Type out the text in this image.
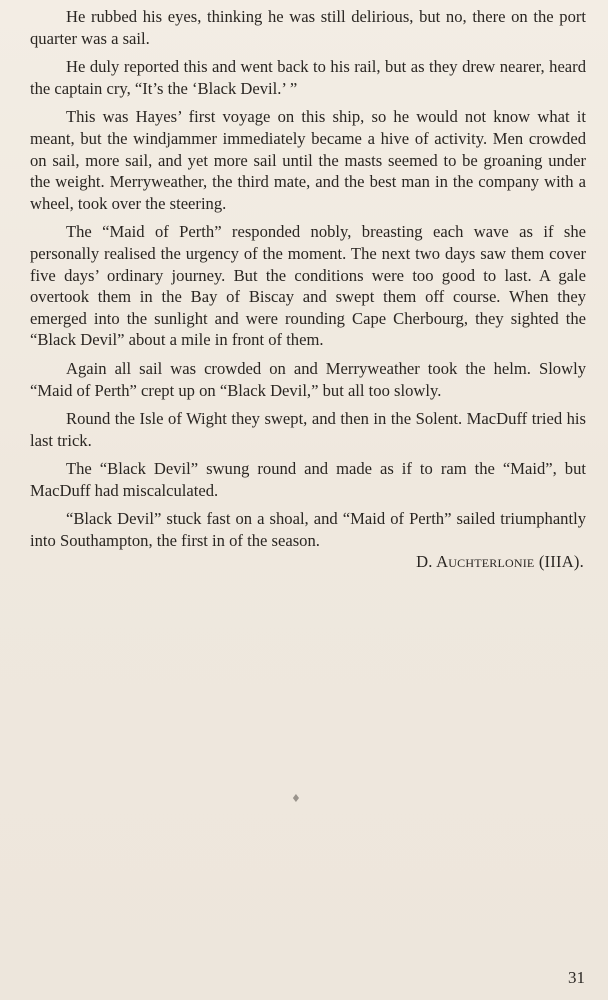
He rubbed his eyes, thinking he was still delirious, but no, there on the port quarter was a sail.

He duly reported this and went back to his rail, but as they drew nearer, heard the captain cry, “It’s the ‘Black Devil.’ ”

This was Hayes’ first voyage on this ship, so he would not know what it meant, but the windjammer immediately became a hive of activity. Men crowded on sail, more sail, and yet more sail until the masts seemed to be groaning under the weight. Merryweather, the third mate, and the best man in the company with a wheel, took over the steering.

The “Maid of Perth” responded nobly, breasting each wave as if she personally realised the urgency of the moment. The next two days saw them cover five days’ ordinary journey. But the conditions were too good to last. A gale overtook them in the Bay of Biscay and swept them off course. When they emerged into the sunlight and were rounding Cape Cherbourg, they sighted the “Black Devil” about a mile in front of them.

Again all sail was crowded on and Merryweather took the helm. Slowly “Maid of Perth” crept up on “Black Devil,” but all too slowly.

Round the Isle of Wight they swept, and then in the Solent. MacDuff tried his last trick.

The “Black Devil” swung round and made as if to ram the “Maid”, but MacDuff had miscalculated.

“Black Devil” stuck fast on a shoal, and “Maid of Perth” sailed triumphantly into Southampton, the first in of the season.

D. Auchterlonie (IIIA).
♦
31
